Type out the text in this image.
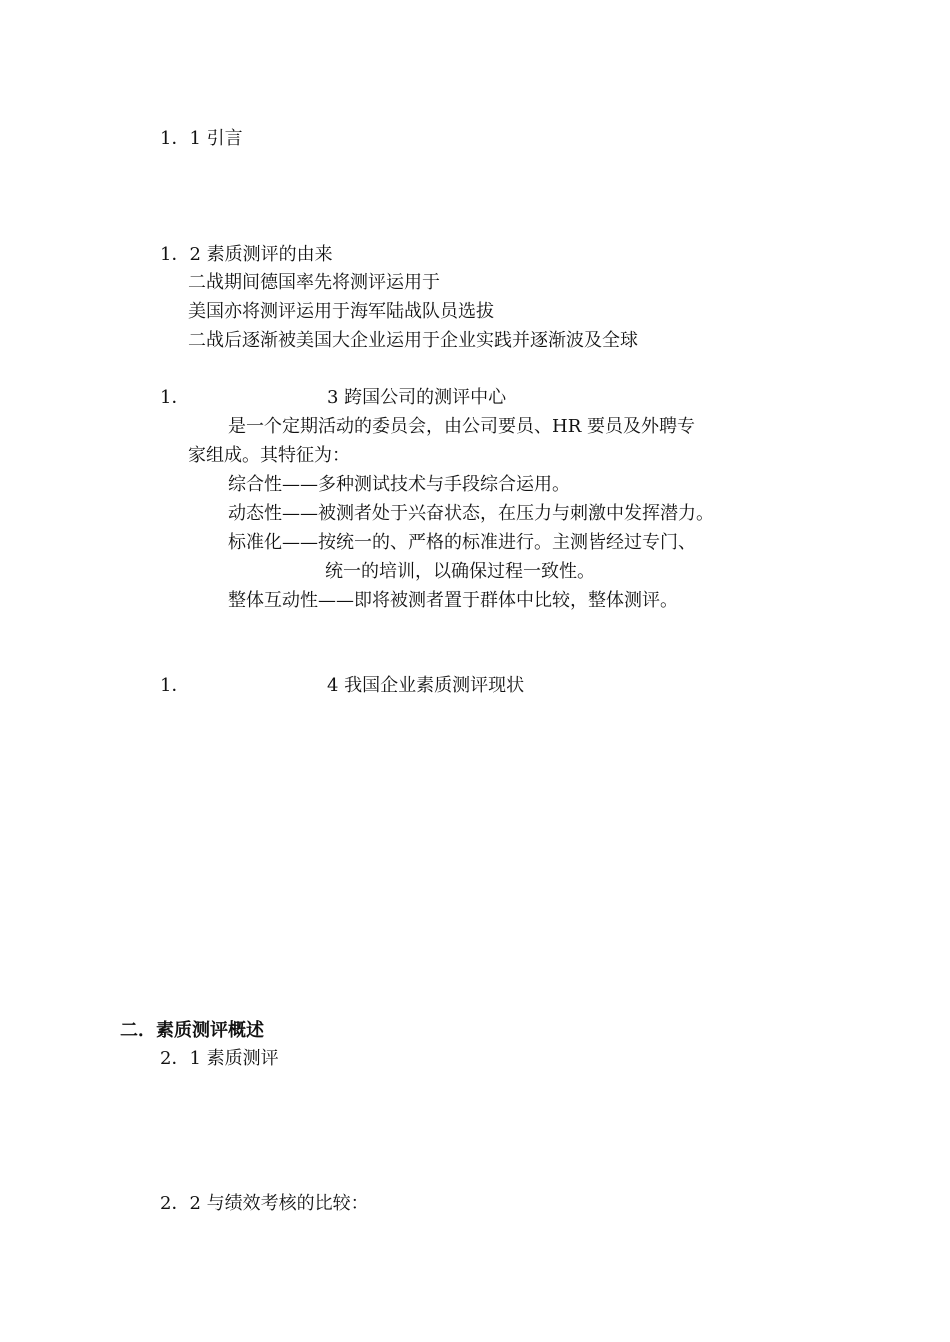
1．1 引言
1．2 素质测评的由来
二战期间德国率先将测评运用于
美国亦将测评运用于海军陆战队员选拔
二战后逐渐被美国大企业运用于企业实践并逐渐波及全球
1．	3 跨国公司的测评中心
是一个定期活动的委员会，由公司要员、HR 要员及外聘专
家组成。其特征为：
综合性——多种测试技术与手段综合运用。
动态性——被测者处于兴奋状态，在压力与刺激中发挥潜力。
标准化——按统一的、严格的标准进行。主测皆经过专门、
统一的培训，以确保过程一致性。
整体互动性——即将被测者置于群体中比较，整体测评。
1．	4 我国企业素质测评现状
二．素质测评概述
2．1 素质测评
2．2 与绩效考核的比较：
